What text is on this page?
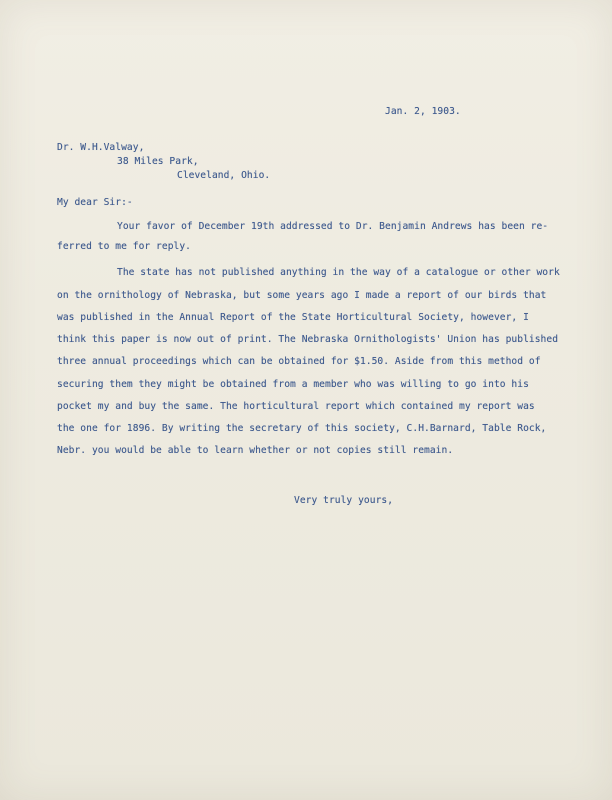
Jan. 2, 1903.
Dr. W.H.Valway,
38 Miles Park,
Cleveland, Ohio.
My dear Sir:-
Your favor of December 19th addressed to Dr. Benjamin Andrews has been re-
ferred to me for reply.
The state has not published anything in the way of a catalogue or other work
on the ornithology of Nebraska, but some years ago I made a report of our birds that
was published in the Annual Report of the State Horticultural Society, however, I
think this paper is now out of print. The Nebraska Ornithologists' Union has published
three annual proceedings which can be obtained for $1.50. Aside from this method of
securing them they might be obtained from a member who was willing to go into his
pocket my and buy the same. The horticultural report which contained my report was
the one for 1896. By writing the secretary of this society, C.H.Barnard, Table Rock,
Nebr. you would be able to learn whether or not copies still remain.
Very truly yours,
